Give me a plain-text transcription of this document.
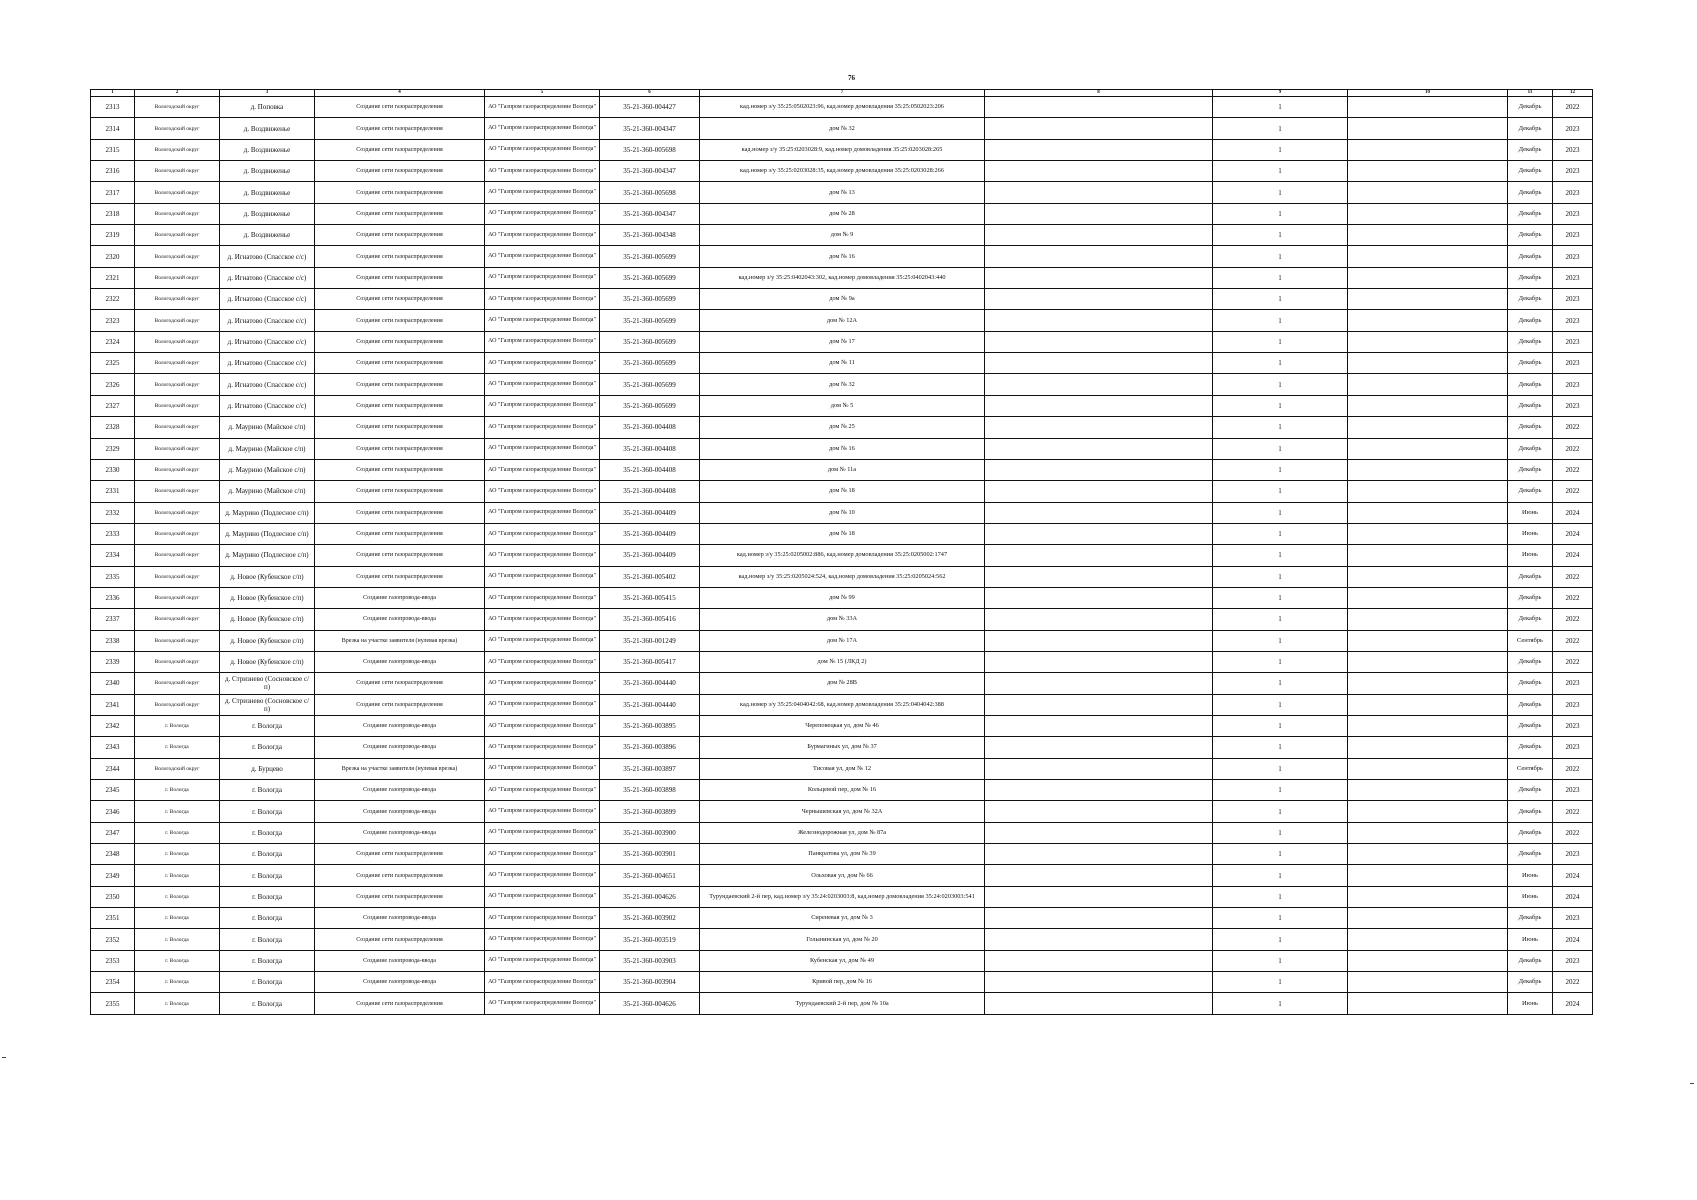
76
1	2	3	4	5	6	7	8	9	10	11	12
2313	Вологодский округ	д. Поповка	Создание сети газораспределения	АО "Газпром газораспределение Вологда"	35-21-360-004427	кад.номер з/у 35:25:0502023:96, кад.номер домовладения 35:25:0502023:206		1		Декабрь	2022
2314	Вологодский округ	д. Воздвиженье	Создание сети газораспределения	АО "Газпром газораспределение Вологда"	35-21-360-004347	дом № 32		1		Декабрь	2023
2315	Вологодский округ	д. Воздвиженье	Создание сети газораспределения	АО "Газпром газораспределение Вологда"	35-21-360-005698	кад.номер з/у 35:25:0203028:9, кад.номер домовладения 35:25:0203028:265		1		Декабрь	2023
2316	Вологодский округ	д. Воздвиженье	Создание сети газораспределения	АО "Газпром газораспределение Вологда"	35-21-360-004347	кад.номер з/у 35:25:0203028:35, кад.номер домовладения 35:25:0203028:266		1		Декабрь	2023
2317	Вологодский округ	д. Воздвиженье	Создание сети газораспределения	АО "Газпром газораспределение Вологда"	35-21-360-005698	дом № 13		1		Декабрь	2023
2318	Вологодский округ	д. Воздвиженье	Создание сети газораспределения	АО "Газпром газораспределение Вологда"	35-21-360-004347	дом № 28		1		Декабрь	2023
2319	Вологодский округ	д. Воздвиженье	Создание сети газораспределения	АО "Газпром газораспределение Вологда"	35-21-360-004348	дом № 9		1		Декабрь	2023
2320	Вологодский округ	д. Игнатово (Спасское с/с)	Создание сети газораспределения	АО "Газпром газораспределение Вологда"	35-21-360-005699	дом № 16		1		Декабрь	2023
2321	Вологодский округ	д. Игнатово (Спасское с/с)	Создание сети газораспределения	АО "Газпром газораспределение Вологда"	35-21-360-005699	кад.номер з/у 35:25:0402043:302, кад.номер домовладения 35:25:0402043:440		1		Декабрь	2023
2322	Вологодский округ	д. Игнатово (Спасское с/с)	Создание сети газораспределения	АО "Газпром газораспределение Вологда"	35-21-360-005699	дом № 9а		1		Декабрь	2023
2323	Вологодский округ	д. Игнатово (Спасское с/с)	Создание сети газораспределения	АО "Газпром газораспределение Вологда"	35-21-360-005699	дом № 12А		1		Декабрь	2023
2324	Вологодский округ	д. Игнатово (Спасское с/с)	Создание сети газораспределения	АО "Газпром газораспределение Вологда"	35-21-360-005699	дом № 17		1		Декабрь	2023
2325	Вологодский округ	д. Игнатово (Спасское с/с)	Создание сети газораспределения	АО "Газпром газораспределение Вологда"	35-21-360-005699	дом № 11		1		Декабрь	2023
2326	Вологодский округ	д. Игнатово (Спасское с/с)	Создание сети газораспределения	АО "Газпром газораспределение Вологда"	35-21-360-005699	дом № 32		1		Декабрь	2023
2327	Вологодский округ	д. Игнатово (Спасское с/с)	Создание сети газораспределения	АО "Газпром газораспределение Вологда"	35-21-360-005699	дом № 5		1		Декабрь	2023
2328	Вологодский округ	д. Маурино (Майское с/п)	Создание сети газораспределения	АО "Газпром газораспределение Вологда"	35-21-360-004408	дом № 25		1		Декабрь	2022
2329	Вологодский округ	д. Маурино (Майское с/п)	Создание сети газораспределения	АО "Газпром газораспределение Вологда"	35-21-360-004408	дом № 16		1		Декабрь	2022
2330	Вологодский округ	д. Маурино (Майское с/п)	Создание сети газораспределения	АО "Газпром газораспределение Вологда"	35-21-360-004408	дом № 11а		1		Декабрь	2022
2331	Вологодский округ	д. Маурино (Майское с/п)	Создание сети газораспределения	АО "Газпром газораспределение Вологда"	35-21-360-004408	дом № 18		1		Декабрь	2022
2332	Вологодский округ	д. Маурино (Подлесное с/п)	Создание сети газораспределения	АО "Газпром газораспределение Вологда"	35-21-360-004409	дом № 10		1		Июнь	2024
2333	Вологодский округ	д. Маурино (Подлесное с/п)	Создание сети газораспределения	АО "Газпром газораспределение Вологда"	35-21-360-004409	дом № 18		1		Июнь	2024
2334	Вологодский округ	д. Маурино (Подлесное с/п)	Создание сети газораспределения	АО "Газпром газораспределение Вологда"	35-21-360-004409	кад.номер з/у 35:25:0205002:886, кад.номер домовладения 35:25:0205002:1747		1		Июнь	2024
2335	Вологодский округ	д. Новое (Кубенское с/п)	Создание сети газораспределения	АО "Газпром газораспределение Вологда"	35-21-360-005402	кад.номер з/у 35:25:0205024:524, кад.номер домовладения 35:25:0205024:562		1		Декабрь	2022
2336	Вологодский округ	д. Новое (Кубенское с/п)	Создание газопровода-ввода	АО "Газпром газораспределение Вологда"	35-21-360-005415	дом № 99		1		Декабрь	2022
2337	Вологодский округ	д. Новое (Кубенское с/п)	Создание газопровода-ввода	АО "Газпром газораспределение Вологда"	35-21-360-005416	дом № 33А		1		Декабрь	2022
2338	Вологодский округ	д. Новое (Кубенское с/п)	Врезка на участке заявителя (нулевая врезка)	АО "Газпром газораспределение Вологда"	35-21-360-001249	дом № 17А		1		Сентябрь	2022
2339	Вологодский округ	д. Новое (Кубенское с/п)	Создание газопровода-ввода	АО "Газпром газораспределение Вологда"	35-21-360-005417	дом № 15 (ЛКД 2)		1		Декабрь	2022
2340	Вологодский округ	д. Стризнево (Сосновское с/п)	Создание сети газораспределения	АО "Газпром газораспределение Вологда"	35-21-360-004440	дом № 28В		1		Декабрь	2023
2341	Вологодский округ	д. Стризнево (Сосновское с/п)	Создание сети газораспределения	АО "Газпром газораспределение Вологда"	35-21-360-004440	кад.номер з/у 35:25:0404042:68, кад.номер домовладения 35:25:0404042:388		1		Декабрь	2023
2342	г. Вологда	г. Вологда	Создание газопровода-ввода	АО "Газпром газораспределение Вологда"	35-21-360-003895	Череповецкая ул, дом № 46		1		Декабрь	2023
2343	г. Вологда	г. Вологда	Создание газопровода-ввода	АО "Газпром газораспределение Вологда"	35-21-360-003896	Бурмагиных ул, дом № 37		1		Декабрь	2023
2344	Вологодский округ	д. Бурцево	Врезка на участке заявителя (нулевая врезка)	АО "Газпром газораспределение Вологда"	35-21-360-003897	Тисовая ул, дом № 12		1		Сентябрь	2022
2345	г. Вологда	г. Вологда	Создание газопровода-ввода	АО "Газпром газораспределение Вологда"	35-21-360-003898	Кольцевой пер, дом № 16		1		Декабрь	2023
2346	г. Вологда	г. Вологда	Создание газопровода-ввода	АО "Газпром газораспределение Вологда"	35-21-360-003899	Чернышевская ул, дом № 32А		1		Декабрь	2022
2347	г. Вологда	г. Вологда	Создание газопровода-ввода	АО "Газпром газораспределение Вологда"	35-21-360-003900	Железнодорожная ул, дом № 87а		1		Декабрь	2022
2348	г. Вологда	г. Вологда	Создание сети газораспределения	АО "Газпром газораспределение Вологда"	35-21-360-003901	Панкратова ул, дом № 39		1		Декабрь	2023
2349	г. Вологда	г. Вологда	Создание сети газораспределения	АО "Газпром газораспределение Вологда"	35-21-360-004651	Ольховая ул, дом № 66		1		Июнь	2024
2350	г. Вологда	г. Вологда	Создание сети газораспределения	АО "Газпром газораспределение Вологда"	35-21-360-004626	Турундаевский 2-й пер, кад.номер з/у 35:24:0203003:8, кад.номер домовладения 35:24:0203003:541		1		Июнь	2024
2351	г. Вологда	г. Вологда	Создание газопровода-ввода	АО "Газпром газораспределение Вологда"	35-21-360-003902	Сиреневая ул, дом № 3		1		Декабрь	2023
2352	г. Вологда	г. Вологда	Создание сети газораспределения	АО "Газпром газораспределение Вологда"	35-21-360-003519	Голынинская ул, дом № 20		1		Июнь	2024
2353	г. Вологда	г. Вологда	Создание газопровода-ввода	АО "Газпром газораспределение Вологда"	35-21-360-003903	Кубенская ул, дом № 49		1		Декабрь	2023
2354	г. Вологда	г. Вологда	Создание газопровода-ввода	АО "Газпром газораспределение Вологда"	35-21-360-003904	Кривой пер, дом № 16		1		Декабрь	2022
2355	г. Вологда	г. Вологда	Создание сети газораспределения	АО "Газпром газораспределение Вологда"	35-21-360-004626	Турундаевский 2-й пер, дом № 10а		1		Июнь	2024
